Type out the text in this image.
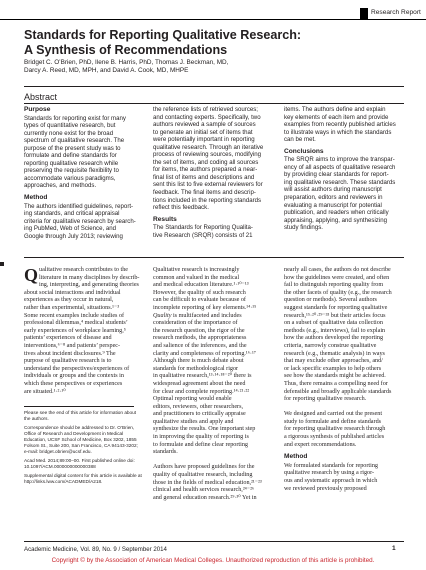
Research Report
Standards for Reporting Qualitative Research:
A Synthesis of Recommendations
Bridget C. O’Brien, PhD, Ilene B. Harris, PhD, Thomas J. Beckman, MD,
Darcy A. Reed, MD, MPH, and David A. Cook, MD, MHPE
Abstract

Purpose

Standards for reporting exist for many
types of quantitative research, but
currently none exist for the broad
spectrum of qualitative research. The
purpose of the present study was to
formulate and define standards for
reporting qualitative research while
preserving the requisite flexibility to
accommodate various paradigms,
approaches, and methods.

Method

The authors identified guidelines, report-
ing standards, and critical appraisal
criteria for qualitative research by search-
ing PubMed, Web of Science, and
Google through July 2013; reviewing
the reference lists of retrieved sources;
and contacting experts. Specifically, two
authors reviewed a sample of sources
to generate an initial set of items that
were potentially important in reporting
qualitative research. Through an iterative
process of reviewing sources, modifying
the set of items, and coding all sources
for items, the authors prepared a near-
final list of items and descriptions and
sent this list to five external reviewers for
feedback. The final items and descrip-
tions included in the reporting standards
reflect this feedback.

Results

The Standards for Reporting Qualita-
tive Research (SRQR) consists of 21
items. The authors define and explain
key elements of each item and provide
examples from recently published articles
to illustrate ways in which the standards
can be met.

Conclusions

The SRQR aims to improve the transpar-
ency of all aspects of qualitative research
by providing clear standards for report-
ing qualitative research. These standards
will assist authors during manuscript
preparation, editors and reviewers in
evaluating a manuscript for potential
publication, and readers when critically
appraising, applying, and synthesizing
study findings.
Q ualitative research contributes to the
literature in many disciplines by describ-
ing, interpreting, and generating theories
about social interactions and individual
experiences as they occur in natural,
rather than experimental, situations.¹⁻³
Some recent examples include studies of
professional dilemmas,⁴ medical students’
early experiences of workplace learning,⁵
patients’ experiences of disease and
interventions,⁶⁻⁸ and patients’ perspec-
tives about incident disclosures.⁹ The
purpose of qualitative research is to
understand the perspectives/experiences of
individuals or groups and the contexts in
which these perspectives or experiences
are situated.¹·²·¹⁰

Please see the end of this article for information about the authors.

Correspondence should be addressed to Dr. O’Brien, Office of Research and Development in Medical Education, UCSF School of Medicine, Box 3202, 1855 Folsom St., Suite 200, San Francisco, CA 94143-3202; e-mail: bridget.obrien@ucsf.edu.

Acad Med. 2014;89:00–00. First published online doi: 10.1097/ACM.0000000000000388

Supplemental digital content for this article is available at http://links.lww.com/ACADMED/A218.

Qualitative research is increasingly
common and valued in the medical
and medical education literature.¹·¹⁰⁻¹³
However, the quality of such research
can be difficult to evaluate because of
incomplete reporting of key elements.¹⁴·¹⁵
Quality is multifaceted and includes
consideration of the importance of
the research question, the rigor of the
research methods, the appropriateness
and salience of the inferences, and the
clarity and completeness of reporting.¹⁶·¹⁷
Although there is much debate about
standards for methodological rigor
in qualitative research,¹³·¹⁴·¹⁸⁻²⁰ there is
widespread agreement about the need
for clear and complete reporting.¹⁴·²¹·²²
Optimal reporting would enable
editors, reviewers, other researchers,
and practitioners to critically appraise
qualitative studies and apply and
synthesize the results. One important step
in improving the quality of reporting is
to formulate and define clear reporting
standards.
Authors have proposed guidelines for the
quality of qualitative research, including
those in the fields of medical education,²¹⁻²³
clinical and health services research,²⁴⁻²⁶
and general education research.²⁹·³⁰ Yet in
nearly all cases, the authors do not describe
how the guidelines were created, and often
fail to distinguish reporting quality from
the other facets of quality (e.g., the research
question or methods). Several authors
suggest standards for reporting qualitative
research,¹⁵·²⁰·²⁹⁻³³ but their articles focus
on a subset of qualitative data collection
methods (e.g., interviews), fail to explain
how the authors developed the reporting
criteria, narrowly construe qualitative
research (e.g., thematic analysis) in ways
that may exclude other approaches, and/
or lack specific examples to help others
see how the standards might be achieved.
Thus, there remains a compelling need for
defensible and broadly applicable standards
for reporting qualitative research.
We designed and carried out the present
study to formulate and define standards
for reporting qualitative research through
a rigorous synthesis of published articles
and expert recommendations.

Method

We formulated standards for reporting
qualitative research by using a rigor-
ous and systematic approach in which
we reviewed previously proposed
Academic Medicine, Vol. 89, No. 9 / September 2014	1
Copyright © by the Association of American Medical Colleges. Unauthorized reproduction of this article is prohibited.
